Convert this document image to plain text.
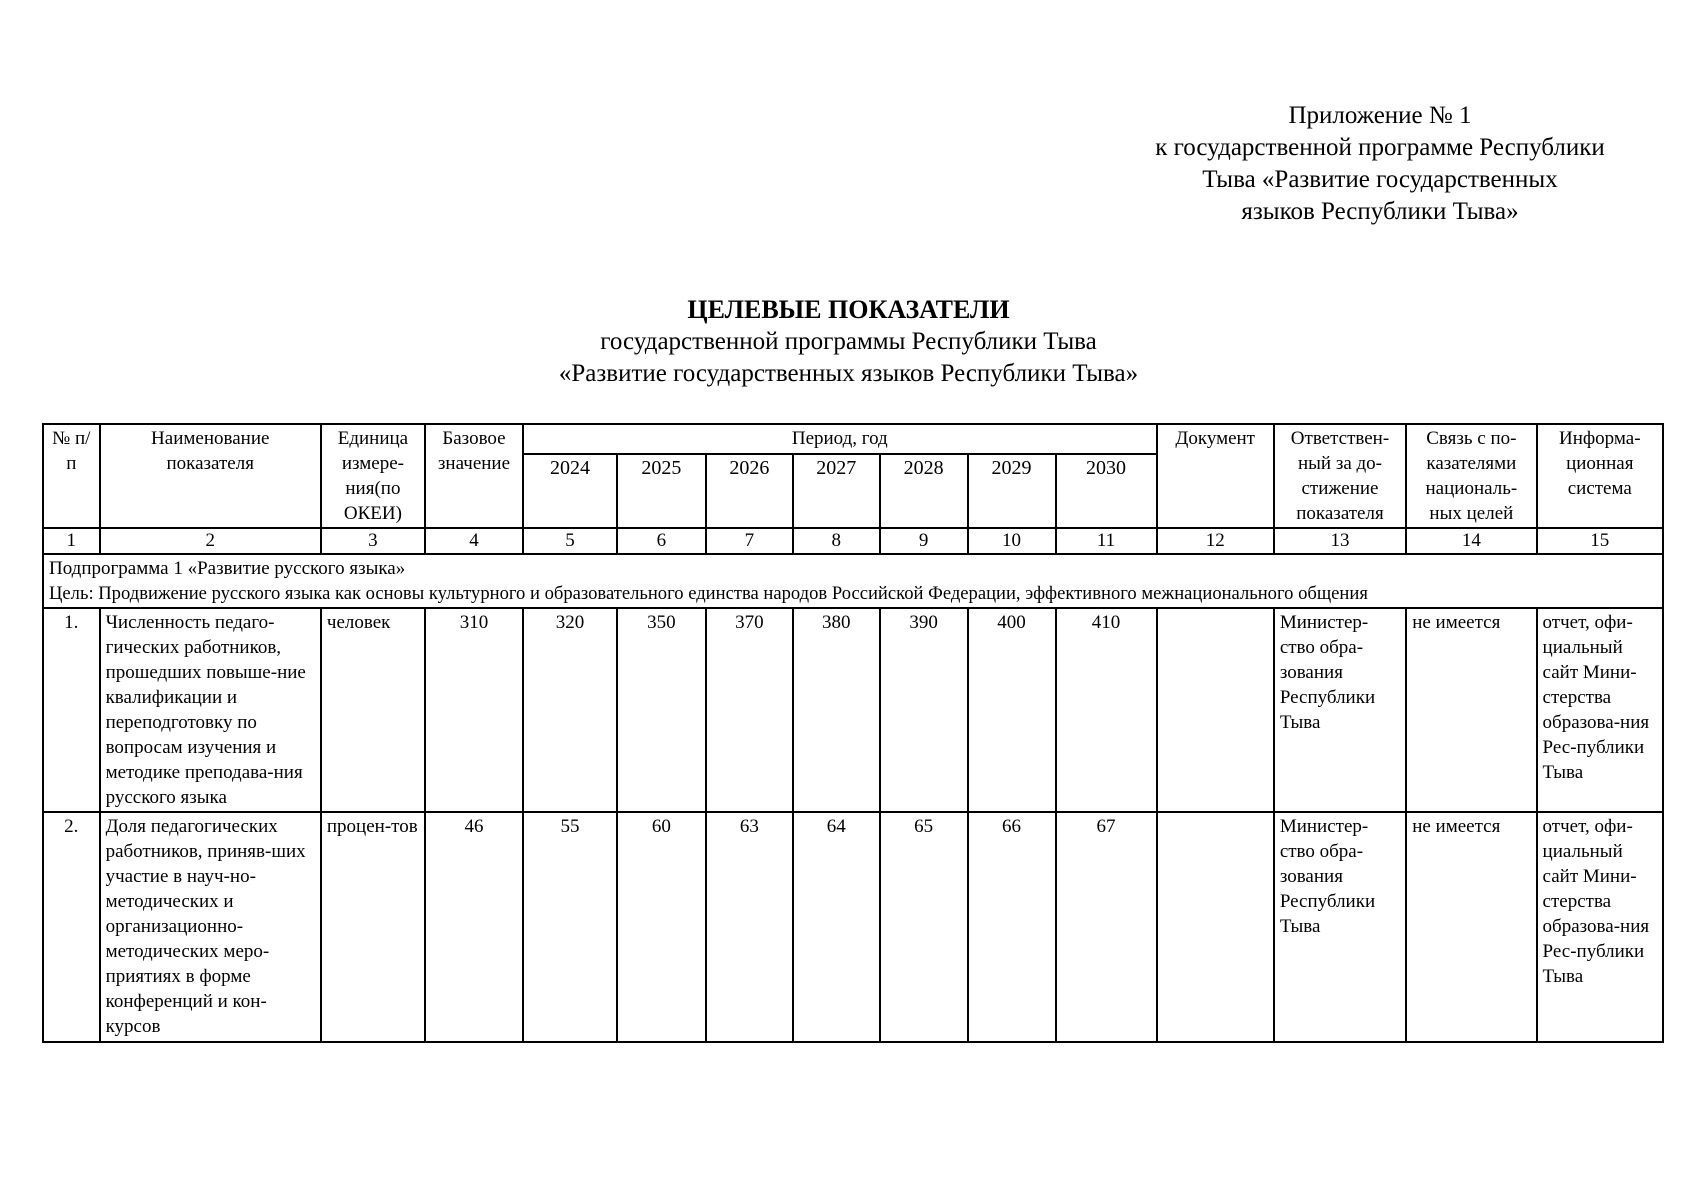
Приложение № 1
к государственной программе Республики
Тыва «Развитие государственных
языков Республики Тыва»
ЦЕЛЕВЫЕ ПОКАЗАТЕЛИ
государственной программы Республики Тыва
«Развитие государственных языков Республики Тыва»
№ п/п	Наименование показателя	Единица измере-ния(по ОКЕИ)	Базовое значение	Период, год							Документ	Ответствен-ный за до-стижение показателя	Связь с по-казателями националь-ных целей	Информа-ционная система
				2024	2025	2026	2027	2028	2029	2030				
1	2	3	4	5	6	7	8	9	10	11	12	13	14	15

Подпрограмма 1 «Развитие русского языка»
Цель: Продвижение русского языка как основы культурного и образовательного единства народов Российской Федерации, эффективного межнационального общения														

1.	Численность педаго-гических работников, прошедших повыше-ние квалификации и переподготовку по вопросам изучения и методике преподава-ния русского языка	человек	310	320	350	370	380	390	400	410		Министер-ство обра-зования Республики Тыва	не имеется	отчет, офи-циальный сайт Мини-стерства образова-ния Рес-публики Тыва
2.	Доля педагогических работников, приняв-ших участие в науч-но-методических и организационно-методических меро-приятиях в форме конференций и кон-курсов	процен-тов	46	55	60	63	64	65	66	67		Министер-ство обра-зования Республики Тыва	не имеется	отчет, офи-циальный сайт Мини-стерства образова-ния Рес-публики Тыва
